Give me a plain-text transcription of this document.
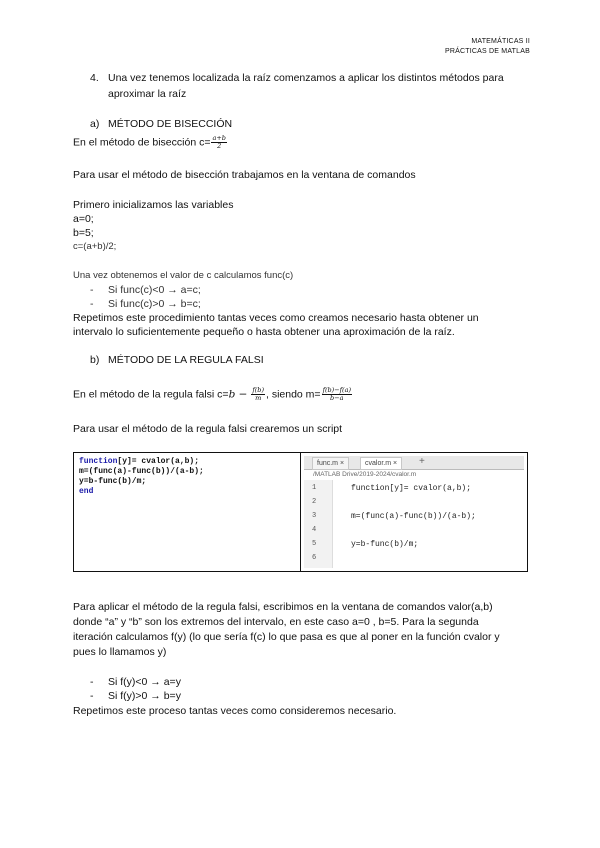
MATEMÁTICAS II
PRÁCTICAS DE MATLAB
4. Una vez tenemos localizada la raíz comenzamos a aplicar los distintos métodos para
aproximar la raíz
a) MÉTODO DE BISECCIÓN
En el método de bisección $c= \frac{a+b}{2}$
Para usar el método de bisección trabajamos en la ventana de comandos
Primero inicializamos las variables
a=0;
b=5;
c=(a+b)/2;
Una vez obtenemos el valor de c calculamos func(c)
- Si func(c)<0 → a=c;
- Si func(c)>0 → b=c;
Repetimos este procedimiento tantas veces como creamos necesario hasta obtener un
intervalo lo suficientemente pequeño o hasta obtener una aproximación de la raíz.
b) MÉTODO DE LA REGULA FALSI
En el método de la regula falsi $c=b - \frac{f(b)}{m}$ , siendo $m= \frac{f(b)-f(a)}{b-a}$
Para usar el método de la regula falsi crearemos un script
function[y]= cvalor(a,b);
m=(func(a)-func(b))/(a-b);
y=b-func(b)/m;
end
func.m ×	cvalor.m ×	+
/MATLAB Drive/2019-2024/cvalor.m
1
2
3
4
5
6
function[y]= cvalor(a,b);
m=(func(a)-func(b))/(a-b);
y=b-func(b)/m;
Para aplicar el método de la regula falsi, escribimos en la ventana de comandos valor(a,b)
donde “a” y “b” son los extremos del intervalo, en este caso a=0 , b=5. Para la segunda
iteración calculamos f(y) (lo que sería f(c) lo que pasa es que al poner en la función cvalor y
pues lo llamamos y)
- Si f(y)<0 → a=y
- Si f(y)>0 → b=y
Repetimos este proceso tantas veces como consideremos necesario.
